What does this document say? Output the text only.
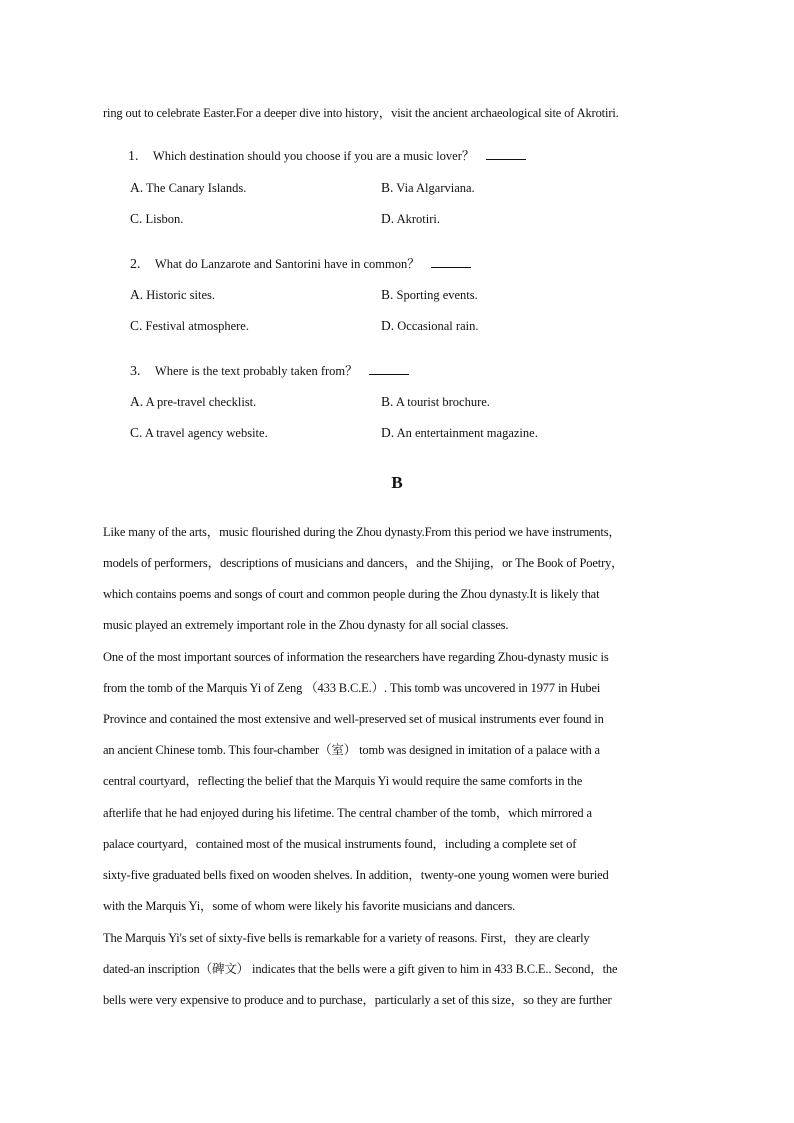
ring out to celebrate Easter.For a deeper dive into history，visit the ancient archaeological site of Akrotiri.
1. Which destination should you choose if you are a music lover？
A. The Canary Islands.	B. Via Algarviana.
C. Lisbon.	D. Akrotiri.
2. What do Lanzarote and Santorini have in common？
A. Historic sites.	B. Sporting events.
C. Festival atmosphere.	D. Occasional rain.
3. Where is the text probably taken from？
A. A pre-travel checklist.	B. A tourist brochure.
C. A travel agency website.	D. An entertainment magazine.
B
Like many of the arts，music flourished during the Zhou dynasty.From this period we have instruments，
models of performers，descriptions of musicians and dancers，and the Shijing，or The Book of Poetry，
which contains poems and songs of court and common people during the Zhou dynasty.It is likely that
music played an extremely important role in the Zhou dynasty for all social classes.
One of the most important sources of information the researchers have regarding Zhou-dynasty music is
from the tomb of the Marquis Yi of Zeng （433 B.C.E.）. This tomb was uncovered in 1977 in Hubei
Province and contained the most extensive and well-preserved set of musical instruments ever found in
an ancient Chinese tomb. This four-chamber（室） tomb was designed in imitation of a palace with a
central courtyard，reflecting the belief that the Marquis Yi would require the same comforts in the
afterlife that he had enjoyed during his lifetime. The central chamber of the tomb，which mirrored a
palace courtyard，contained most of the musical instruments found，including a complete set of
sixty-five graduated bells fixed on wooden shelves. In addition，twenty-one young women were buried
with the Marquis Yi，some of whom were likely his favorite musicians and dancers.
The Marquis Yi's set of sixty-five bells is remarkable for a variety of reasons. First，they are clearly
dated-an inscription（碑文） indicates that the bells were a gift given to him in 433 B.C.E.. Second，the
bells were very expensive to produce and to purchase，particularly a set of this size，so they are further
